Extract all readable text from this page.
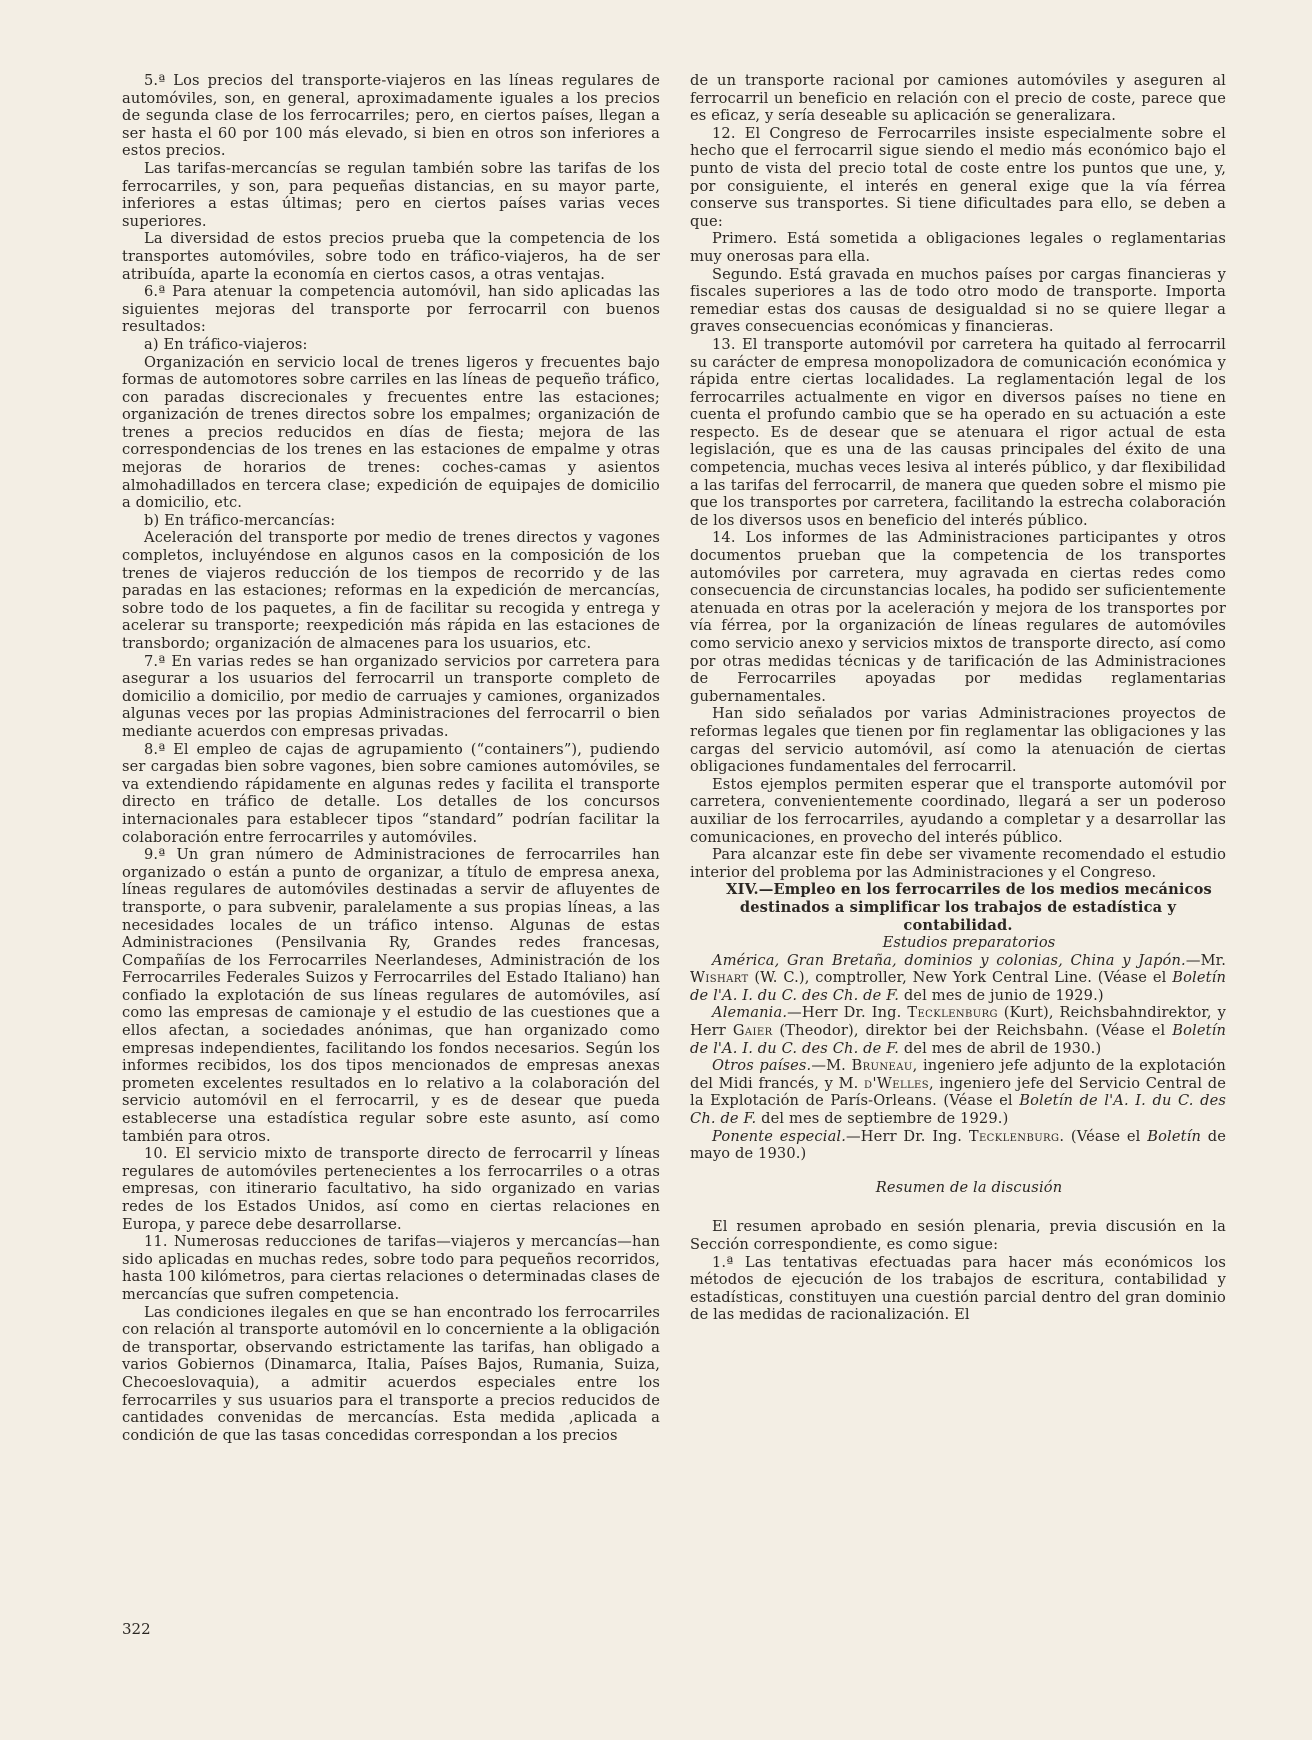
5.ª Los precios del transporte-viajeros en las líneas regulares de automóviles, son, en general, aproximadamente iguales a los precios de segunda clase de los ferrocarriles; pero, en ciertos países, llegan a ser hasta el 60 por 100 más elevado, si bien en otros son inferiores a estos precios.

Las tarifas-mercancías se regulan también sobre las tarifas de los ferrocarriles, y son, para pequeñas distancias, en su mayor parte, inferiores a estas últimas; pero en ciertos países varias veces superiores.

La diversidad de estos precios prueba que la competencia de los transportes automóviles, sobre todo en tráfico-viajeros, ha de ser atribuída, aparte la economía en ciertos casos, a otras ventajas.

6.ª Para atenuar la competencia automóvil, han sido aplicadas las siguientes mejoras del transporte por ferrocarril con buenos resultados:

a) En tráfico-viajeros:

Organización en servicio local de trenes ligeros y frecuentes bajo formas de automotores sobre carriles en las líneas de pequeño tráfico, con paradas discrecionales y frecuentes entre las estaciones; organización de trenes directos sobre los empalmes; organización de trenes a precios reducidos en días de fiesta; mejora de las correspondencias de los trenes en las estaciones de empalme y otras mejoras de horarios de trenes: coches-camas y asientos almohadillados en tercera clase; expedición de equipajes de domicilio a domicilio, etc.

b) En tráfico-mercancías:

Aceleración del transporte por medio de trenes directos y vagones completos, incluyéndose en algunos casos en la composición de los trenes de viajeros reducción de los tiempos de recorrido y de las paradas en las estaciones; reformas en la expedición de mercancías, sobre todo de los paquetes, a fin de facilitar su recogida y entrega y acelerar su transporte; reexpedición más rápida en las estaciones de transbordo; organización de almacenes para los usuarios, etc.

7.ª En varias redes se han organizado servicios por carretera para asegurar a los usuarios del ferrocarril un transporte completo de domicilio a domicilio, por medio de carruajes y camiones, organizados algunas veces por las propias Administraciones del ferrocarril o bien mediante acuerdos con empresas privadas.

8.ª El empleo de cajas de agrupamiento (“containers”), pudiendo ser cargadas bien sobre vagones, bien sobre camiones automóviles, se va extendiendo rápidamente en algunas redes y facilita el transporte directo en tráfico de detalle. Los detalles de los concursos internacionales para establecer tipos “standard” podrían facilitar la colaboración entre ferrocarriles y automóviles.

9.ª Un gran número de Administraciones de ferrocarriles han organizado o están a punto de organizar, a título de empresa anexa, líneas regulares de automóviles destinadas a servir de afluyentes de transporte, o para subvenir, paralelamente a sus propias líneas, a las necesidades locales de un tráfico intenso. Algunas de estas Administraciones (Pensilvania Ry, Grandes redes francesas, Compañías de los Ferrocarriles Neerlandeses, Administración de los Ferrocarriles Federales Suizos y Ferrocarriles del Estado Italiano) han confiado la explotación de sus líneas regulares de automóviles, así como las empresas de camionaje y el estudio de las cuestiones que a ellos afectan, a sociedades anónimas, que han organizado como empresas independientes, facilitando los fondos necesarios. Según los informes recibidos, los dos tipos mencionados de empresas anexas prometen excelentes resultados en lo relativo a la colaboración del servicio automóvil en el ferrocarril, y es de desear que pueda establecerse una estadística regular sobre este asunto, así como también para otros.

10. El servicio mixto de transporte directo de ferrocarril y líneas regulares de automóviles pertenecientes a los ferrocarriles o a otras empresas, con itinerario facultativo, ha sido organizado en varias redes de los Estados Unidos, así como en ciertas relaciones en Europa, y parece debe desarrollarse.

11. Numerosas reducciones de tarifas—viajeros y mercancías—han sido aplicadas en muchas redes, sobre todo para pequeños recorridos, hasta 100 kilómetros, para ciertas relaciones o determinadas clases de mercancías que sufren competencia.

Las condiciones ilegales en que se han encontrado los ferrocarriles con relación al transporte automóvil en lo concerniente a la obligación de transportar, observando estrictamente las tarifas, han obligado a varios Gobiernos (Dinamarca, Italia, Países Bajos, Rumania, Suiza, Checoeslovaquia), a admitir acuerdos especiales entre los ferrocarriles y sus usuarios para el transporte a precios reducidos de cantidades convenidas de mercancías. Esta medida ,aplicada a condición de que las tasas concedidas correspondan a los precios

de un transporte racional por camiones automóviles y aseguren al ferrocarril un beneficio en relación con el precio de coste, parece que es eficaz, y sería deseable su aplicación se generalizara.

12. El Congreso de Ferrocarriles insiste especialmente sobre el hecho que el ferrocarril sigue siendo el medio más económico bajo el punto de vista del precio total de coste entre los puntos que une, y, por consiguiente, el interés en general exige que la vía férrea conserve sus transportes. Si tiene dificultades para ello, se deben a que:

Primero. Está sometida a obligaciones legales o reglamentarias muy onerosas para ella.

Segundo. Está gravada en muchos países por cargas financieras y fiscales superiores a las de todo otro modo de transporte. Importa remediar estas dos causas de desigualdad si no se quiere llegar a graves consecuencias económicas y financieras.

13. El transporte automóvil por carretera ha quitado al ferrocarril su carácter de empresa monopolizadora de comunicación económica y rápida entre ciertas localidades. La reglamentación legal de los ferrocarriles actualmente en vigor en diversos países no tiene en cuenta el profundo cambio que se ha operado en su actuación a este respecto. Es de desear que se atenuara el rigor actual de esta legislación, que es una de las causas principales del éxito de una competencia, muchas veces lesiva al interés público, y dar flexibilidad a las tarifas del ferrocarril, de manera que queden sobre el mismo pie que los transportes por carretera, facilitando la estrecha colaboración de los diversos usos en beneficio del interés público.

14. Los informes de las Administraciones participantes y otros documentos prueban que la competencia de los transportes automóviles por carretera, muy agravada en ciertas redes como consecuencia de circunstancias locales, ha podido ser suficientemente atenuada en otras por la aceleración y mejora de los transportes por vía férrea, por la organización de líneas regulares de automóviles como servicio anexo y servicios mixtos de transporte directo, así como por otras medidas técnicas y de tarificación de las Administraciones de Ferrocarriles apoyadas por medidas reglamentarias gubernamentales.

Han sido señalados por varias Administraciones proyectos de reformas legales que tienen por fin reglamentar las obligaciones y las cargas del servicio automóvil, así como la atenuación de ciertas obligaciones fundamentales del ferrocarril.

Estos ejemplos permiten esperar que el transporte automóvil por carretera, convenientemente coordinado, llegará a ser un poderoso auxiliar de los ferrocarriles, ayudando a completar y a desarrollar las comunicaciones, en provecho del interés público.

Para alcanzar este fin debe ser vivamente recomendado el estudio interior del problema por las Administraciones y el Congreso.

XIV.—Empleo en los ferrocarriles de los medios mecánicos destinados a simplificar los trabajos de estadística y contabilidad.

Estudios preparatorios

América, Gran Bretaña, dominios y colonias, China y Japón.—Mr. Wishart (W. C.), comptroller, New York Central Line. (Véase el Boletín de l'A. I. du C. des Ch. de F. del mes de junio de 1929.)

Alemania.—Herr Dr. Ing. Tecklenburg (Kurt), Reichsbahndirektor, y Herr Gaier (Theodor), direktor bei der Reichsbahn. (Véase el Boletín de l'A. I. du C. des Ch. de F. del mes de abril de 1930.)

Otros países.—M. Bruneau, ingeniero jefe adjunto de la explotación del Midi francés, y M. d'Welles, ingeniero jefe del Servicio Central de la Explotación de París-Orleans. (Véase el Boletín de l'A. I. du C. des Ch. de F. del mes de septiembre de 1929.)

Ponente especial.—Herr Dr. Ing. Tecklenburg. (Véase el Boletín de mayo de 1930.)

Resumen de la discusión

El resumen aprobado en sesión plenaria, previa discusión en la Sección correspondiente, es como sigue:

1.ª Las tentativas efectuadas para hacer más económicos los métodos de ejecución de los trabajos de escritura, contabilidad y estadísticas, constituyen una cuestión parcial dentro del gran dominio de las medidas de racionalización. El

322
